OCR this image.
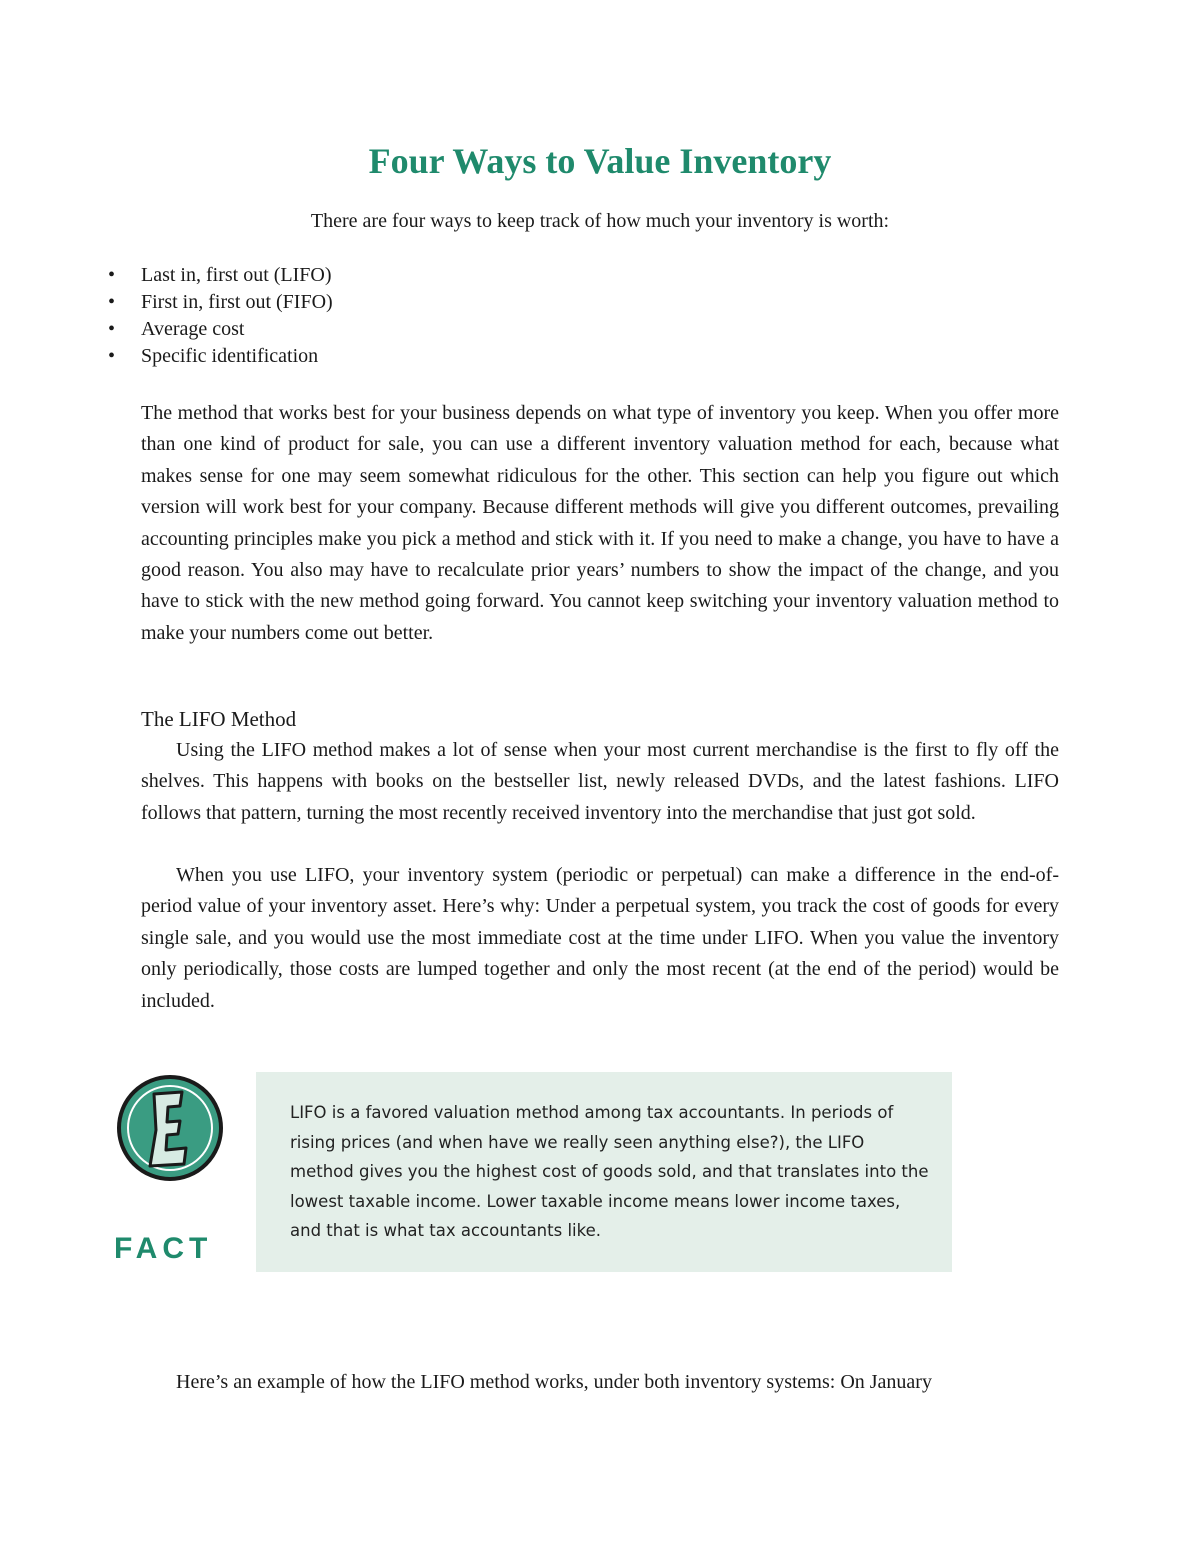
Four Ways to Value Inventory
There are four ways to keep track of how much your inventory is worth:
• Last in, first out (LIFO)
• First in, first out (FIFO)
• Average cost
• Specific identification

The method that works best for your business depends on what type of inventory you keep. When you offer more than one kind of product for sale, you can use a different inventory valuation method for each, because what makes sense for one may seem somewhat ridiculous for the other. This section can help you figure out which version will work best for your company. Because different methods will give you different outcomes, prevailing accounting principles make you pick a method and stick with it. If you need to make a change, you have to have a good reason. You also may have to recalculate prior years’ numbers to show the impact of the change, and you have to stick with the new method going forward. You cannot keep switching your inventory valuation method to make your numbers come out better.

The LIFO Method

Using the LIFO method makes a lot of sense when your most current merchandise is the first to fly off the shelves. This happens with books on the bestseller list, newly released DVDs, and the latest fashions. LIFO follows that pattern, turning the most recently received inventory into the merchandise that just got sold.

When you use LIFO, your inventory system (periodic or perpetual) can make a difference in the end-of-period value of your inventory asset. Here’s why: Under a perpetual system, you track the cost of goods for every single sale, and you would use the most immediate cost at the time under LIFO. When you value the inventory only periodically, those costs are lumped together and only the most recent (at the end of the period) would be included.

FACT

LIFO is a favored valuation method among tax accountants. In periods of rising prices (and when have we really seen anything else?), the LIFO method gives you the highest cost of goods sold, and that translates into the lowest taxable income. Lower taxable income means lower income taxes, and that is what tax accountants like.

Here’s an example of how the LIFO method works, under both inventory systems: On January
